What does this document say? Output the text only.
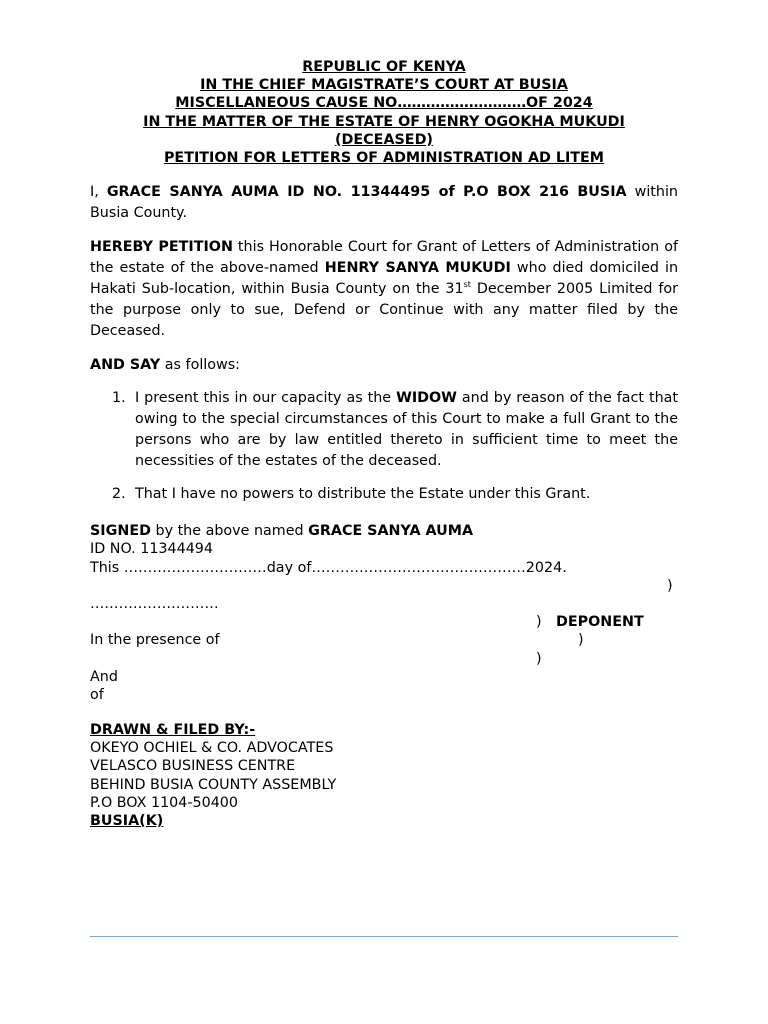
REPUBLIC OF KENYA

IN THE CHIEF MAGISTRATE’S COURT AT BUSIA

MISCELLANEOUS CAUSE NO………………………OF 2024

IN THE MATTER OF THE ESTATE OF HENRY OGOKHA MUKUDI

(DECEASED)

PETITION FOR LETTERS OF ADMINISTRATION AD LITEM

I, GRACE SANYA AUMA ID NO. 11344495 of P.O BOX 216 BUSIA within Busia County.

HEREBY PETITION this Honorable Court for Grant of Letters of Administration of the estate of the above-named HENRY SANYA MUKUDI who died domiciled in Hakati Sub-location, within Busia County on the 31st December 2005 Limited for the purpose only to sue, Defend or Continue with any matter filed by the Deceased.

AND SAY as follows:

1. I present this in our capacity as the WIDOW and by reason of the fact that owing to the special circumstances of this Court to make a full Grant to the persons who are by law entitled thereto in sufficient time to meet the necessities of the estates of the deceased.
2. That I have no powers to distribute the Estate under this Grant.
SIGNED by the above named GRACE SANYA AUMA
ID NO. 11344494
This …………………………day of………………………………………2024.
)
………………………
) DEPONENT
In the presence of	)
)
And
of
DRAWN & FILED BY:-
OKEYO OCHIEL & CO. ADVOCATES
VELASCO BUSINESS CENTRE
BEHIND BUSIA COUNTY ASSEMBLY
P.O BOX 1104-50400
BUSIA(K)
